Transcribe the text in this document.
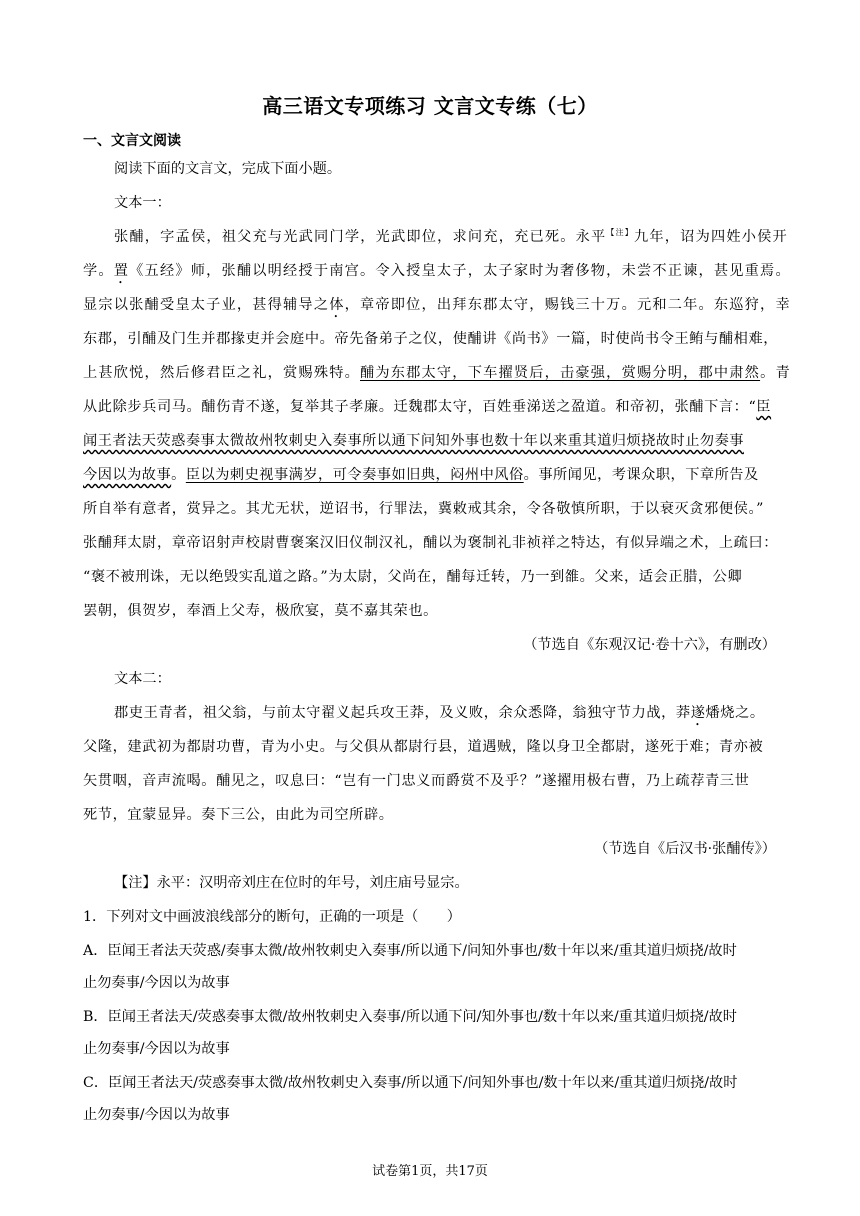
高三语文专项练习 文言文专练（七）
一、文言文阅读
阅读下面的文言文，完成下面小题。
文本一：
张酺，字孟侯，祖父充与光武同门学，光武即位，求问充，充已死。永平$^{【注】}$九年，诏为四姓小侯开
学。置《五经》师，张酺以明经授于南宫。令入授皇太子，太子家时为奢侈物，未尝不正谏，甚见重焉。
显宗以张酺受皇太子业，甚得辅导之体，章帝即位，出拜东郡太守，赐钱三十万。元和二年。东巡狩，幸
东郡，引酺及门生并郡掾吏并会庭中。帝先备弟子之仪，使酺讲《尚书》一篇，时使尚书令王鲔与酺相难，
上甚欣悦，然后修君臣之礼，赏赐殊特。酺为东郡太守，下车擢贤后，击豪强，赏赐分明，郡中肃然。青
从此除步兵司马。酺伤青不遂，复举其子孝廉。迁魏郡太守，百姓垂涕送之盈道。和帝初，张酺下言：“臣
闻王者法天荧惑奏事太微故州牧刺史入奏事所以通下问知外事也数十年以来重其道归烦挠故时止勿奏事
今因以为故事。臣以为刺史视事满岁，可令奏事如旧典，闷州中风俗。事所闻见，考课众职，下章所告及
所自举有意者，赏异之。其尤无状，逆诏书，行罪法，冀敕戒其余，令各敬慎所职，于以衰灭贪邪便侯。”
张酺拜太尉，章帝诏射声校尉曹褒案汉旧仪制汉礼，酺以为褒制礼非祯祥之特达，有似异端之术，上疏曰：
“褒不被刑诛，无以绝毁实乱道之路。”为太尉，父尚在，酺每迁转，乃一到雒。父来，适会正腊，公卿
罢朝，俱贺岁，奉酒上父寿，极欣宴，莫不嘉其荣也。
（节选自《东观汉记·卷十六》，有删改）
文本二：
郡吏王青者，祖父翁，与前太守翟义起兵攻王莽，及义败，余众悉降，翁独守节力战，莽遂燔烧之。
父隆，建武初为都尉功曹，青为小史。与父俱从都尉行县，道遇贼，隆以身卫全都尉，遂死于难；青亦被
矢贯咽，音声流喝。酺见之，叹息曰：“岂有一门忠义而爵赏不及乎？”遂擢用极右曹，乃上疏荐青三世
死节，宜蒙显异。奏下三公，由此为司空所辟。
（节选自《后汉书·张酺传》）
【注】永平：汉明帝刘庄在位时的年号，刘庄庙号显宗。
1．下列对文中画波浪线部分的断句，正确的一项是（　　）
A．臣闻王者法天荧惑/奏事太微/故州牧刺史入奏事/所以通下/问知外事也/数十年以来/重其道归烦挠/故时
止勿奏事/今因以为故事
B．臣闻王者法天/荧惑奏事太微/故州牧刺史入奏事/所以通下问/知外事也/数十年以来/重其道归烦挠/故时
止勿奏事/今因以为故事
C．臣闻王者法天/荧惑奏事太微/故州牧刺史入奏事/所以通下/问知外事也/数十年以来/重其道归烦挠/故时
止勿奏事/今因以为故事
试卷第1页，共17页
